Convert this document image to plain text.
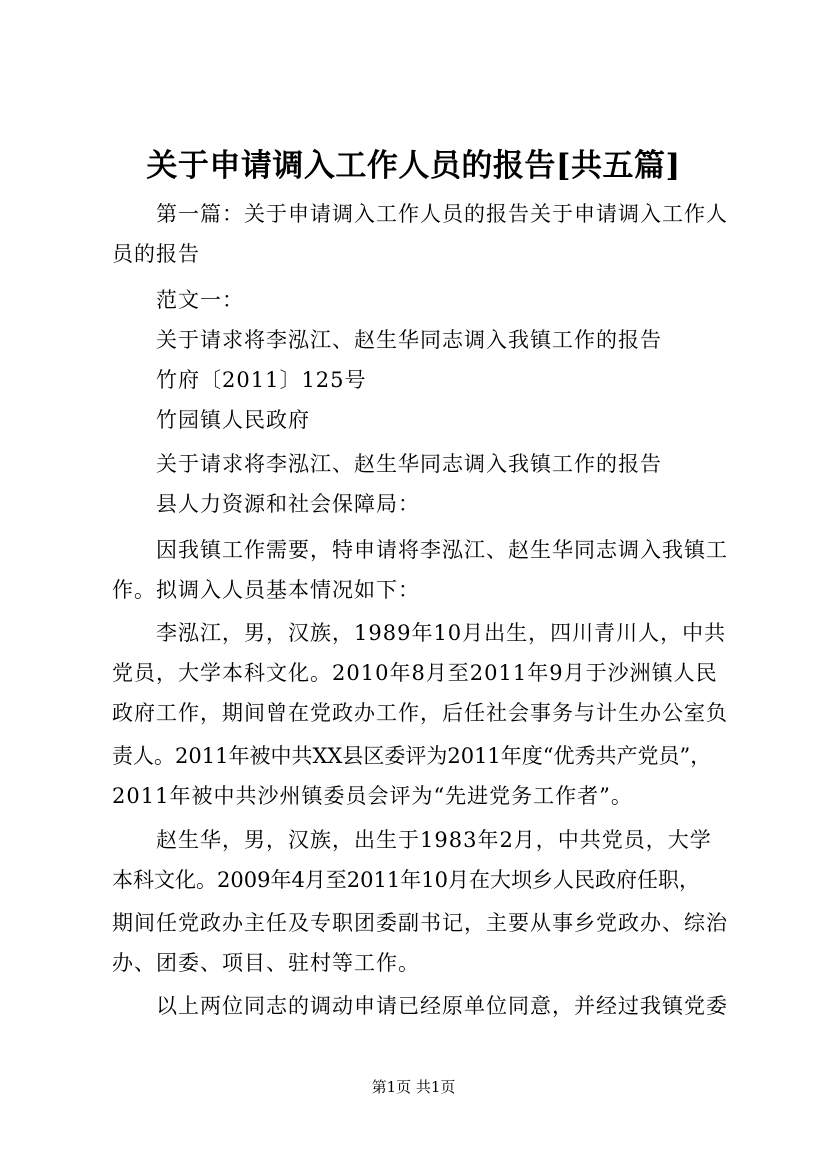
关于申请调入工作人员的报告[共五篇]
第一篇：关于申请调入工作人员的报告关于申请调入工作人
员的报告
范文一：
关于请求将李泓江、赵生华同志调入我镇工作的报告
竹府〔2011〕125号
竹园镇人民政府
关于请求将李泓江、赵生华同志调入我镇工作的报告
县人力资源和社会保障局：
因我镇工作需要，特申请将李泓江、赵生华同志调入我镇工
作。拟调入人员基本情况如下：
李泓江，男，汉族，1989年10月出生，四川青川人，中共
党员，大学本科文化。2010年8月至2011年9月于沙洲镇人民
政府工作，期间曾在党政办工作，后任社会事务与计生办公室负
责人。2011年被中共XX县区委评为2011年度“优秀共产党员”，
2011年被中共沙州镇委员会评为“先进党务工作者”。
赵生华，男，汉族，出生于1983年2月，中共党员，大学
本科文化。2009年4月至2011年10月在大坝乡人民政府任职，
期间任党政办主任及专职团委副书记，主要从事乡党政办、综治
办、团委、项目、驻村等工作。
以上两位同志的调动申请已经原单位同意，并经过我镇党委
第1页 共1页
